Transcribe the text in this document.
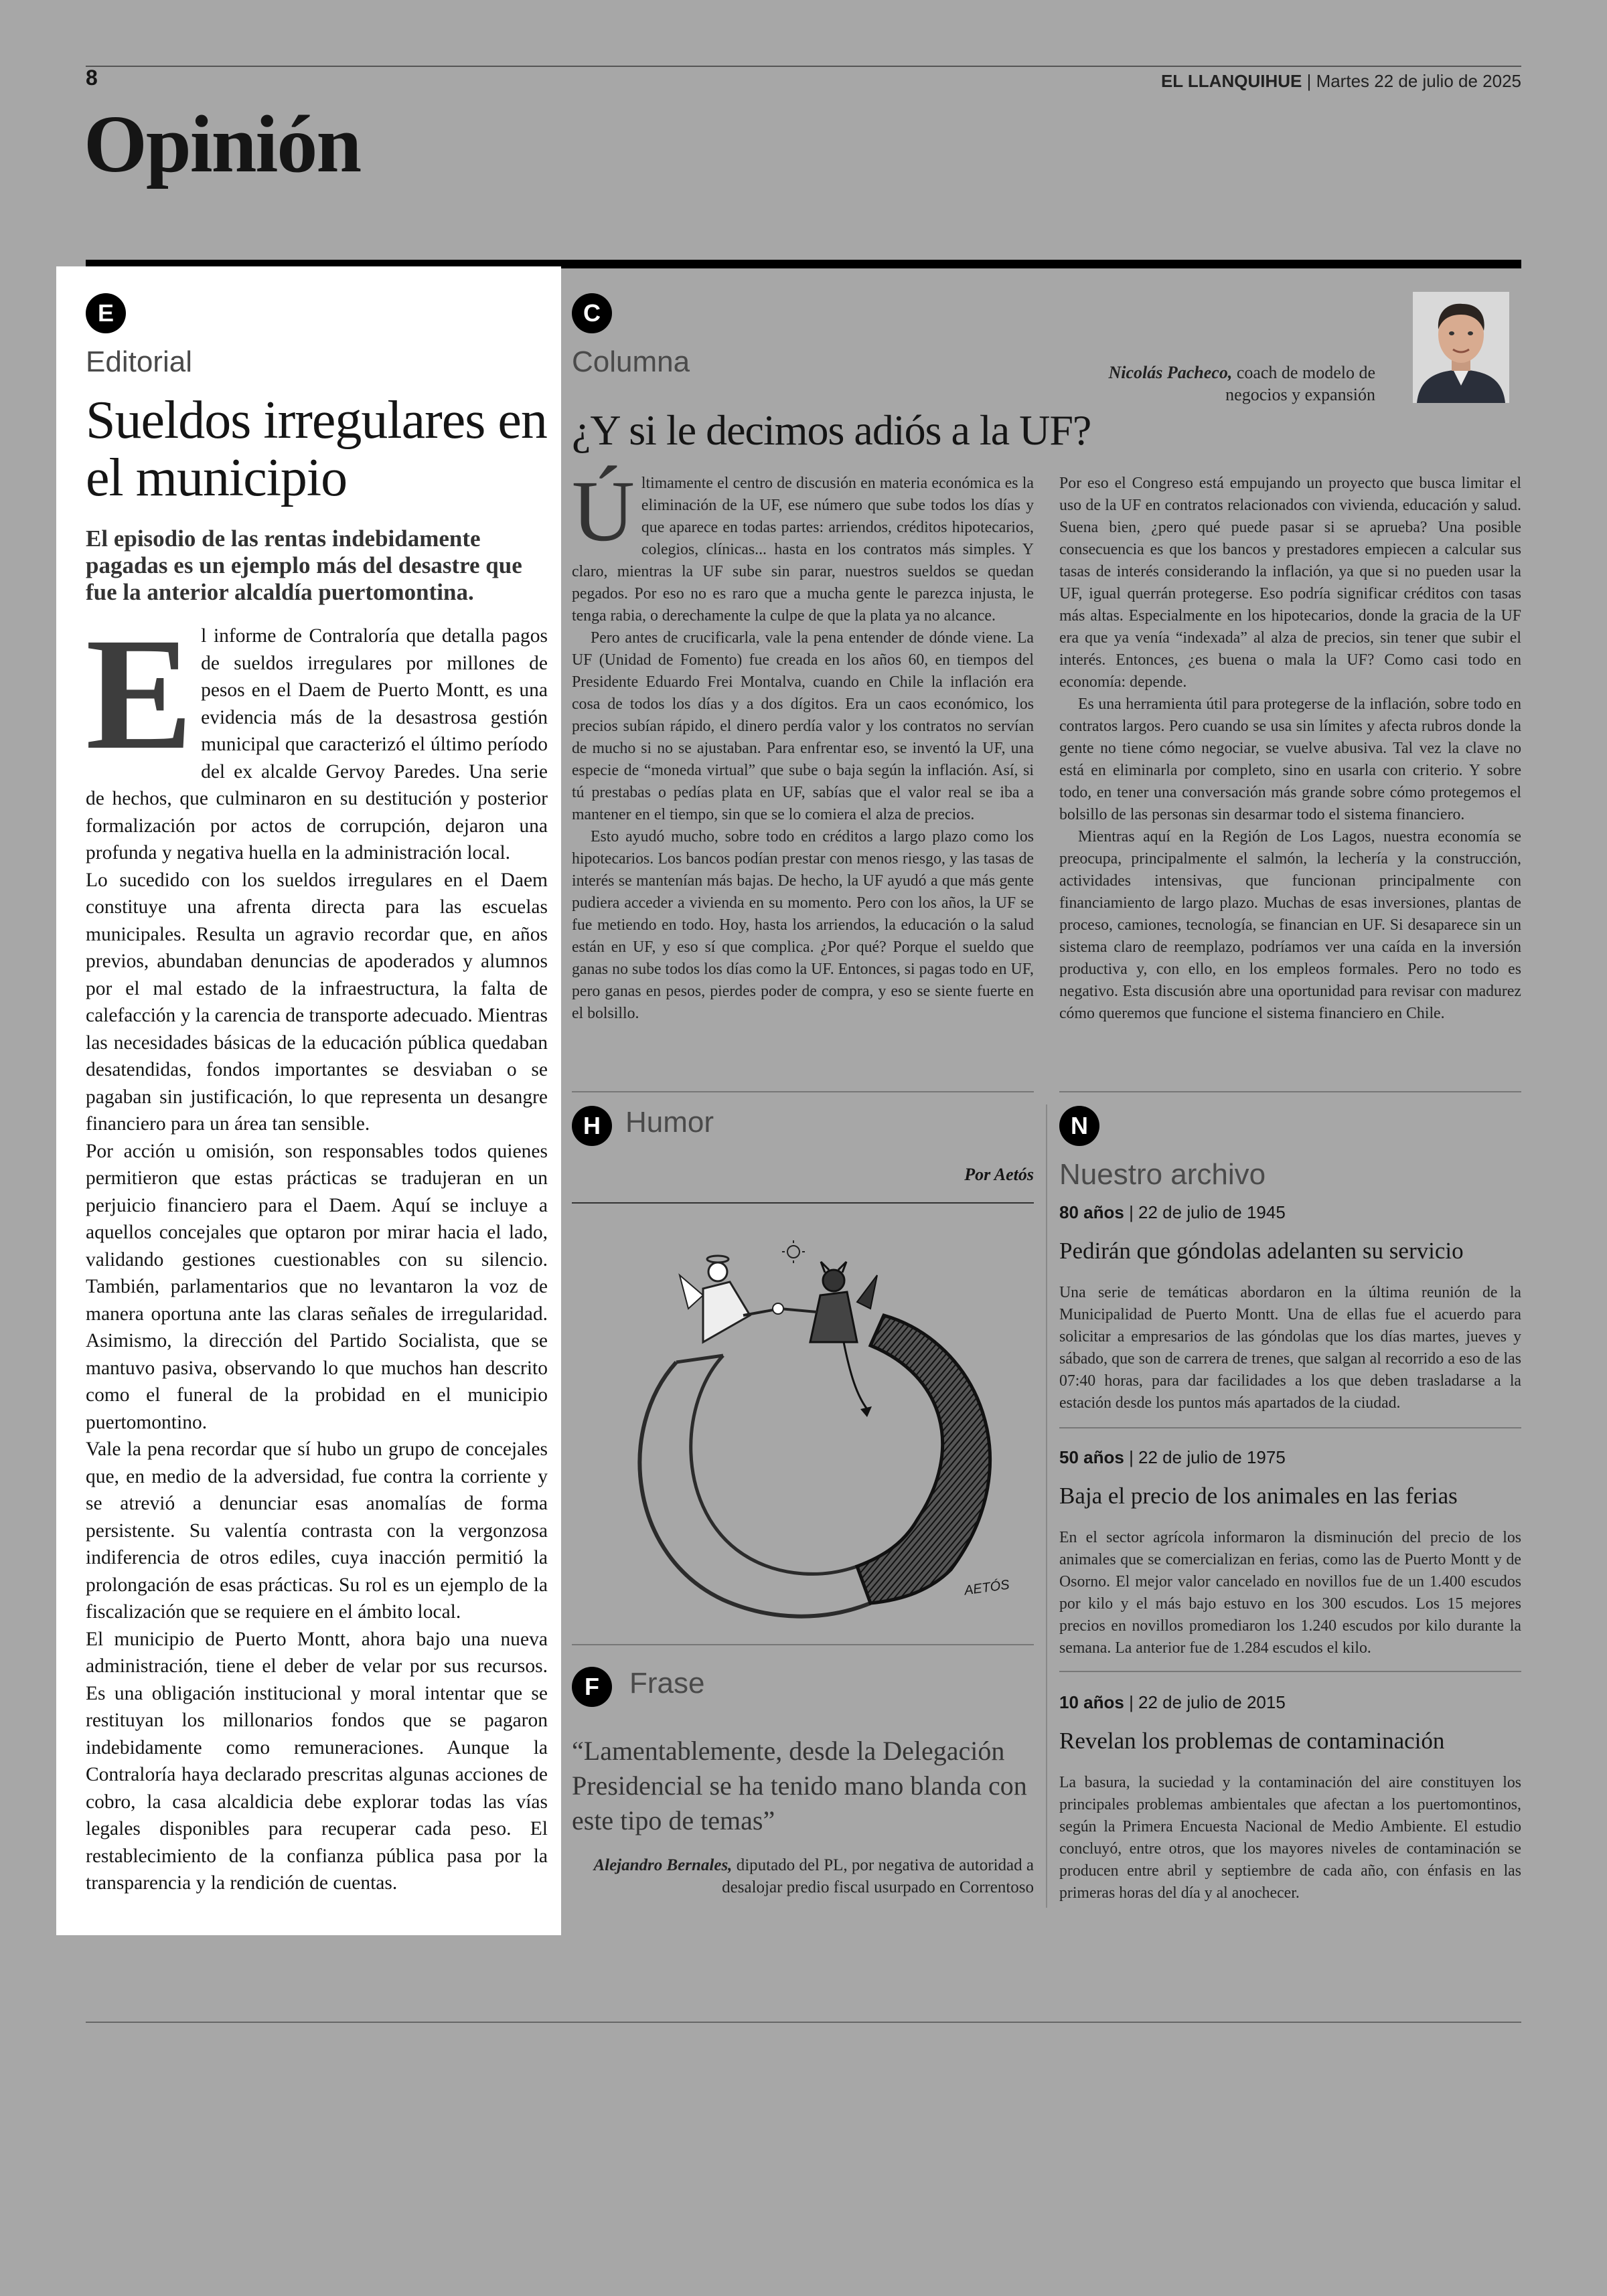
8	EL LLANQUIHUE | Martes 22 de julio de 2025
Opinión
E
Editorial
Sueldos irregulares en el municipio
El episodio de las rentas indebidamente pagadas es un ejemplo más del desastre que fue la anterior alcaldía puertomontina.
E l informe de Contraloría que detalla pagos de sueldos irregulares por millones de pesos en el Daem de Puerto Montt, es una evidencia más de la desastrosa gestión municipal que caracterizó el último período del ex alcalde Gervoy Paredes. Una serie de hechos, que culminaron en su destitución y posterior formalización por actos de corrupción, dejaron una profunda y negativa huella en la administración local.

Lo sucedido con los sueldos irregulares en el Daem constituye una afrenta directa para las escuelas municipales. Resulta un agravio recordar que, en años previos, abundaban denuncias de apoderados y alumnos por el mal estado de la infraestructura, la falta de calefacción y la carencia de transporte adecuado. Mientras las necesidades básicas de la educación pública quedaban desatendidas, fondos importantes se desviaban o se pagaban sin justificación, lo que representa un desangre financiero para un área tan sensible.

Por acción u omisión, son responsables todos quienes permitieron que estas prácticas se tradujeran en un perjuicio financiero para el Daem. Aquí se incluye a aquellos concejales que optaron por mirar hacia el lado, validando gestiones cuestionables con su silencio. También, parlamentarios que no levantaron la voz de manera oportuna ante las claras señales de irregularidad. Asimismo, la dirección del Partido Socialista, que se mantuvo pasiva, observando lo que muchos han descrito como el funeral de la probidad en el municipio puertomontino.

Vale la pena recordar que sí hubo un grupo de concejales que, en medio de la adversidad, fue contra la corriente y se atrevió a denunciar esas anomalías de forma persistente. Su valentía contrasta con la vergonzosa indiferencia de otros ediles, cuya inacción permitió la prolongación de esas prácticas. Su rol es un ejemplo de la fiscalización que se requiere en el ámbito local.

El municipio de Puerto Montt, ahora bajo una nueva administración, tiene el deber de velar por sus recursos. Es una obligación institucional y moral intentar que se restituyan los millonarios fondos que se pagaron indebidamente como remuneraciones. Aunque la Contraloría haya declarado prescritas algunas acciones de cobro, la casa alcaldicia debe explorar todas las vías legales disponibles para recuperar cada peso. El restablecimiento de la confianza pública pasa por la transparencia y la rendición de cuentas.

C
Columna	Nicolás Pacheco, coach de modelo de negocios y expansión
¿Y si le decimos adiós a la UF?
Ú ltimamente el centro de discusión en materia económica es la eliminación de la UF, ese número que sube todos los días y que aparece en todas partes: arriendos, créditos hipotecarios, colegios, clínicas... hasta en los contratos más simples. Y claro, mientras la UF sube sin parar, nuestros sueldos se quedan pegados. Por eso no es raro que a mucha gente le parezca injusta, le tenga rabia, o derechamente la culpe de que la plata ya no alcance.

Pero antes de crucificarla, vale la pena entender de dónde viene. La UF (Unidad de Fomento) fue creada en los años 60, en tiempos del Presidente Eduardo Frei Montalva, cuando en Chile la inflación era cosa de todos los días y a dos dígitos. Era un caos económico, los precios subían rápido, el dinero perdía valor y los contratos no servían de mucho si no se ajustaban. Para enfrentar eso, se inventó la UF, una especie de “moneda virtual” que sube o baja según la inflación. Así, si tú prestabas o pedías plata en UF, sabías que el valor real se iba a mantener en el tiempo, sin que se lo comiera el alza de precios.

Esto ayudó mucho, sobre todo en créditos a largo plazo como los hipotecarios. Los bancos podían prestar con menos riesgo, y las tasas de interés se mantenían más bajas. De hecho, la UF ayudó a que más gente pudiera acceder a vivienda en su momento. Pero con los años, la UF se fue metiendo en todo. Hoy, hasta los arriendos, la educación o la salud están en UF, y eso sí que complica. ¿Por qué? Porque el sueldo que ganas no sube todos los días como la UF. Entonces, si pagas todo en UF, pero ganas en pesos, pierdes poder de compra, y eso se siente fuerte en el bolsillo.

Por eso el Congreso está empujando un proyecto que busca limitar el uso de la UF en contratos relacionados con vivienda, educación y salud. Suena bien, ¿pero qué puede pasar si se aprueba? Una posible consecuencia es que los bancos y prestadores empiecen a calcular sus tasas de interés considerando la inflación, ya que si no pueden usar la UF, igual querrán protegerse. Eso podría significar créditos con tasas más altas. Especialmente en los hipotecarios, donde la gracia de la UF era que ya venía “indexada” al alza de precios, sin tener que subir el interés. Entonces, ¿es buena o mala la UF? Como casi todo en economía: depende.

Es una herramienta útil para protegerse de la inflación, sobre todo en contratos largos. Pero cuando se usa sin límites y afecta rubros donde la gente no tiene cómo negociar, se vuelve abusiva. Tal vez la clave no está en eliminarla por completo, sino en usarla con criterio. Y sobre todo, en tener una conversación más grande sobre cómo protegemos el bolsillo de las personas sin desarmar todo el sistema financiero.

Mientras aquí en la Región de Los Lagos, nuestra economía se preocupa, principalmente el salmón, la lechería y la construcción, actividades intensivas, que funcionan principalmente con financiamiento de largo plazo. Muchas de esas inversiones, plantas de proceso, camiones, tecnología, se financian en UF. Si desaparece sin un sistema claro de reemplazo, podríamos ver una caída en la inversión productiva y, con ello, en los empleos formales. Pero no todo es negativo. Esta discusión abre una oportunidad para revisar con madurez cómo queremos que funcione el sistema financiero en Chile.

H Humor
Por Aetós
AETÓS
F	Frase
“Lamentablemente, desde la Delegación Presidencial se ha tenido mano blanda con este tipo de temas”
Alejandro Bernales, diputado del PL, por negativa de autoridad a desalojar predio fiscal usurpado en Correntoso
N
Nuestro archivo
80 años | 22 de julio de 1945
Pedirán que góndolas adelanten su servicio
Una serie de temáticas abordaron en la última reunión de la Municipalidad de Puerto Montt. Una de ellas fue el acuerdo para solicitar a empresarios de las góndolas que los días martes, jueves y sábado, que son de carrera de trenes, que salgan al recorrido a eso de las 07:40 horas, para dar facilidades a los que deben trasladarse a la estación desde los puntos más apartados de la ciudad.
50 años | 22 de julio de 1975
Baja el precio de los animales en las ferias
En el sector agrícola informaron la disminución del precio de los animales que se comercializan en ferias, como las de Puerto Montt y de Osorno. El mejor valor cancelado en novillos fue de un 1.400 escudos por kilo y el más bajo estuvo en los 300 escudos. Los 15 mejores precios en novillos promediaron los 1.240 escudos por kilo durante la semana. La anterior fue de 1.284 escudos el kilo.
10 años | 22 de julio de 2015
Revelan los problemas de contaminación
La basura, la suciedad y la contaminación del aire constituyen los principales problemas ambientales que afectan a los puertomontinos, según la Primera Encuesta Nacional de Medio Ambiente. El estudio concluyó, entre otros, que los mayores niveles de contaminación se producen entre abril y septiembre de cada año, con énfasis en las primeras horas del día y al anochecer.
